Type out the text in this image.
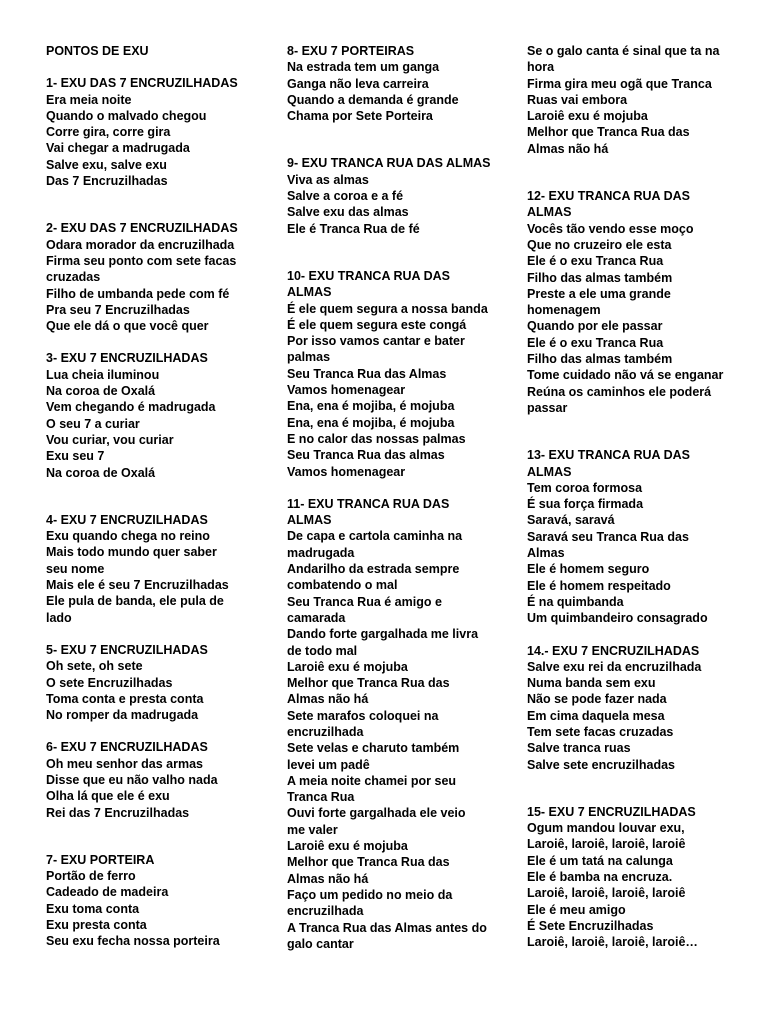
PONTOS DE EXU
1- EXU DAS 7 ENCRUZILHADAS
Era meia noite
Quando o malvado chegou
Corre gira, corre gira
Vai chegar a madrugada
Salve exu, salve exu
Das 7 Encruzilhadas
2- EXU DAS 7 ENCRUZILHADAS
Odara morador da encruzilhada
Firma seu ponto com sete facas
cruzadas
Filho de umbanda pede com fé
Pra seu 7 Encruzilhadas
Que ele dá o que você quer
3- EXU 7 ENCRUZILHADAS
Lua cheia iluminou
Na coroa de Oxalá
Vem chegando é madrugada
O seu 7 a curiar
Vou curiar, vou curiar
Exu seu 7
Na coroa de Oxalá
4- EXU 7 ENCRUZILHADAS
Exu quando chega no reino
Mais todo mundo quer saber
seu nome
Mais ele é seu 7 Encruzilhadas
Ele pula de banda, ele pula de
lado
5- EXU 7 ENCRUZILHADAS
Oh sete, oh sete
O sete Encruzilhadas
Toma conta e presta conta
No romper da madrugada
6- EXU 7 ENCRUZILHADAS
Oh meu senhor das armas
Disse que eu não valho nada
Olha lá que ele é exu
Rei das 7 Encruzilhadas
7- EXU PORTEIRA
Portão de ferro
Cadeado de madeira
Exu toma conta
Exu presta conta
Seu exu fecha nossa porteira
8- EXU 7 PORTEIRAS
Na estrada tem um ganga
Ganga não leva carreira
Quando a demanda é grande
Chama por Sete Porteira
9- EXU TRANCA RUA DAS ALMAS
Viva as almas
Salve a coroa e a fé
Salve exu das almas
Ele é Tranca Rua de fé
10- EXU TRANCA RUA DAS
ALMAS
É ele quem segura a nossa banda
É ele quem segura este congá
Por isso vamos cantar e bater
palmas
Seu Tranca Rua das Almas
Vamos homenagear
Ena, ena é mojiba, é mojuba
Ena, ena é mojiba, é mojuba
E no calor das nossas palmas
Seu Tranca Rua das almas
Vamos homenagear
11- EXU TRANCA RUA DAS
ALMAS
De capa e cartola caminha na
madrugada
Andarilho da estrada sempre
combatendo o mal
Seu Tranca Rua é amigo e
camarada
Dando forte gargalhada me livra
de todo mal
Laroiê exu é mojuba
Melhor que Tranca Rua das
Almas não há
Sete marafos coloquei na
encruzilhada
Sete velas e charuto também
levei um padê
A meia noite chamei por seu
Tranca Rua
Ouvi forte gargalhada ele veio
me valer
Laroiê exu é mojuba
Melhor que Tranca Rua das
Almas não há
Faço um pedido no meio da
encruzilhada
A Tranca Rua das Almas antes do
galo cantar
Se o galo canta é sinal que ta na
hora
Firma gira meu ogã que Tranca
Ruas vai embora
Laroiê exu é mojuba
Melhor que Tranca Rua das
Almas não há
12- EXU TRANCA RUA DAS
ALMAS
Vocês tão vendo esse moço
Que no cruzeiro ele esta
Ele é o exu Tranca Rua
Filho das almas também
Preste a ele uma grande
homenagem
Quando por ele passar
Ele é o exu Tranca Rua
Filho das almas também
Tome cuidado não vá se enganar
Reúna os caminhos ele poderá
passar
13- EXU TRANCA RUA DAS
ALMAS
Tem coroa formosa
É sua força firmada
Saravá, saravá
Saravá seu Tranca Rua das
Almas
Ele é homem seguro
Ele é homem respeitado
É na quimbanda
Um quimbandeiro consagrado
14.- EXU 7 ENCRUZILHADAS
Salve exu rei da encruzilhada
Numa banda sem exu
Não se pode fazer nada
Em cima daquela mesa
Tem sete facas cruzadas
Salve tranca ruas
Salve sete encruzilhadas
15- EXU 7 ENCRUZILHADAS
Ogum mandou louvar exu,
Laroiê, laroiê, laroiê, laroiê
Ele é um tatá na calunga
Ele é bamba na encruza.
Laroiê, laroiê, laroiê, laroiê
Ele é meu amigo
É Sete Encruzilhadas
Laroiê, laroiê, laroiê, laroiê…
